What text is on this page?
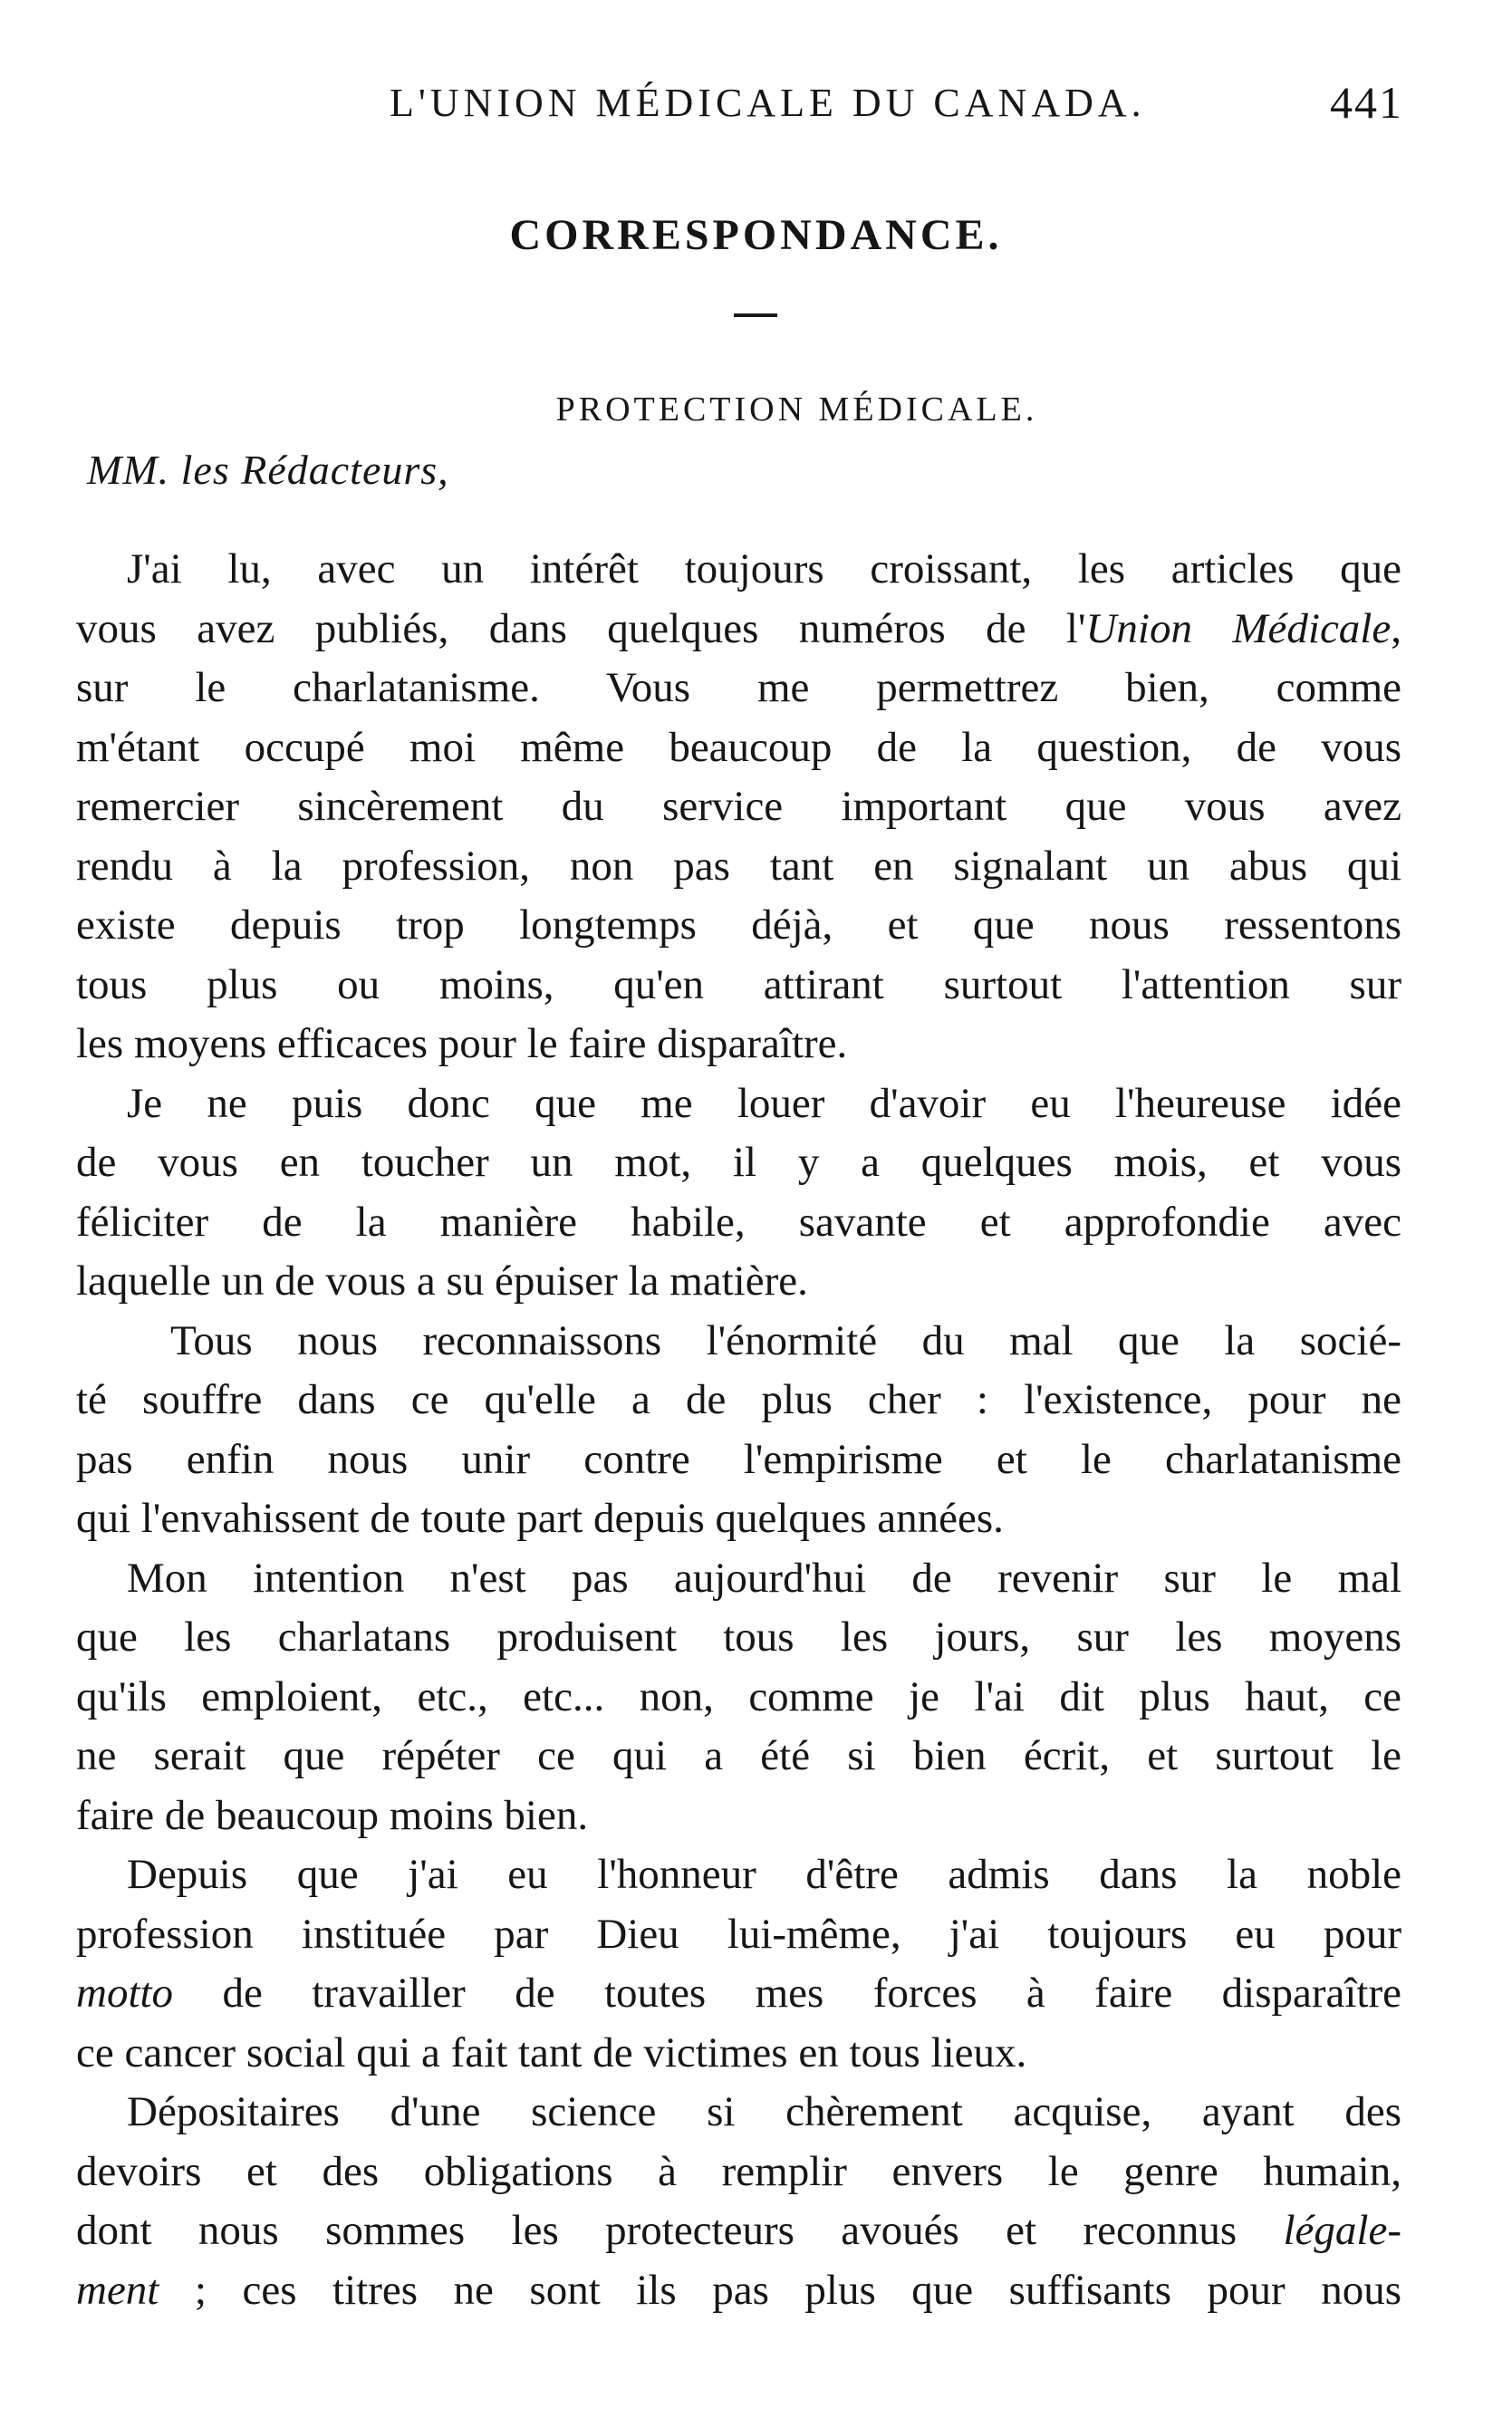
L'UNION MÉDICALE DU CANADA.	441
CORRESPONDANCE.
PROTECTION MÉDICALE.
MM. les Rédacteurs,

J'ai lu, avec un intérêt toujours croissant, les articles que
vous avez publiés, dans quelques numéros de l'Union Médicale,
sur le charlatanisme. Vous me permettrez bien, comme
m'étant occupé moi même beaucoup de la question, de vous
remercier sincèrement du service important que vous avez
rendu à la profession, non pas tant en signalant un abus qui
existe depuis trop longtemps déjà, et que nous ressentons
tous plus ou moins, qu'en attirant surtout l'attention sur
les moyens efficaces pour le faire disparaître.

Je ne puis donc que me louer d'avoir eu l'heureuse idée
de vous en toucher un mot, il y a quelques mois, et vous
féliciter de la manière habile, savante et approfondie avec
laquelle un de vous a su épuiser la matière.

Tous nous reconnaissons l'énormité du mal que la socié-
té souffre dans ce qu'elle a de plus cher : l'existence, pour ne
pas enfin nous unir contre l'empirisme et le charlatanisme
qui l'envahissent de toute part depuis quelques années.

Mon intention n'est pas aujourd'hui de revenir sur le mal
que les charlatans produisent tous les jours, sur les moyens
qu'ils emploient, etc., etc... non, comme je l'ai dit plus haut, ce
ne serait que répéter ce qui a été si bien écrit, et surtout le
faire de beaucoup moins bien.

Depuis que j'ai eu l'honneur d'être admis dans la noble
profession instituée par Dieu lui-même, j'ai toujours eu pour
motto de travailler de toutes mes forces à faire disparaître
ce cancer social qui a fait tant de victimes en tous lieux.

Dépositaires d'une science si chèrement acquise, ayant des
devoirs et des obligations à remplir envers le genre humain,
dont nous sommes les protecteurs avoués et reconnus légale-
ment ; ces titres ne sont ils pas plus que suffisants pour nous
